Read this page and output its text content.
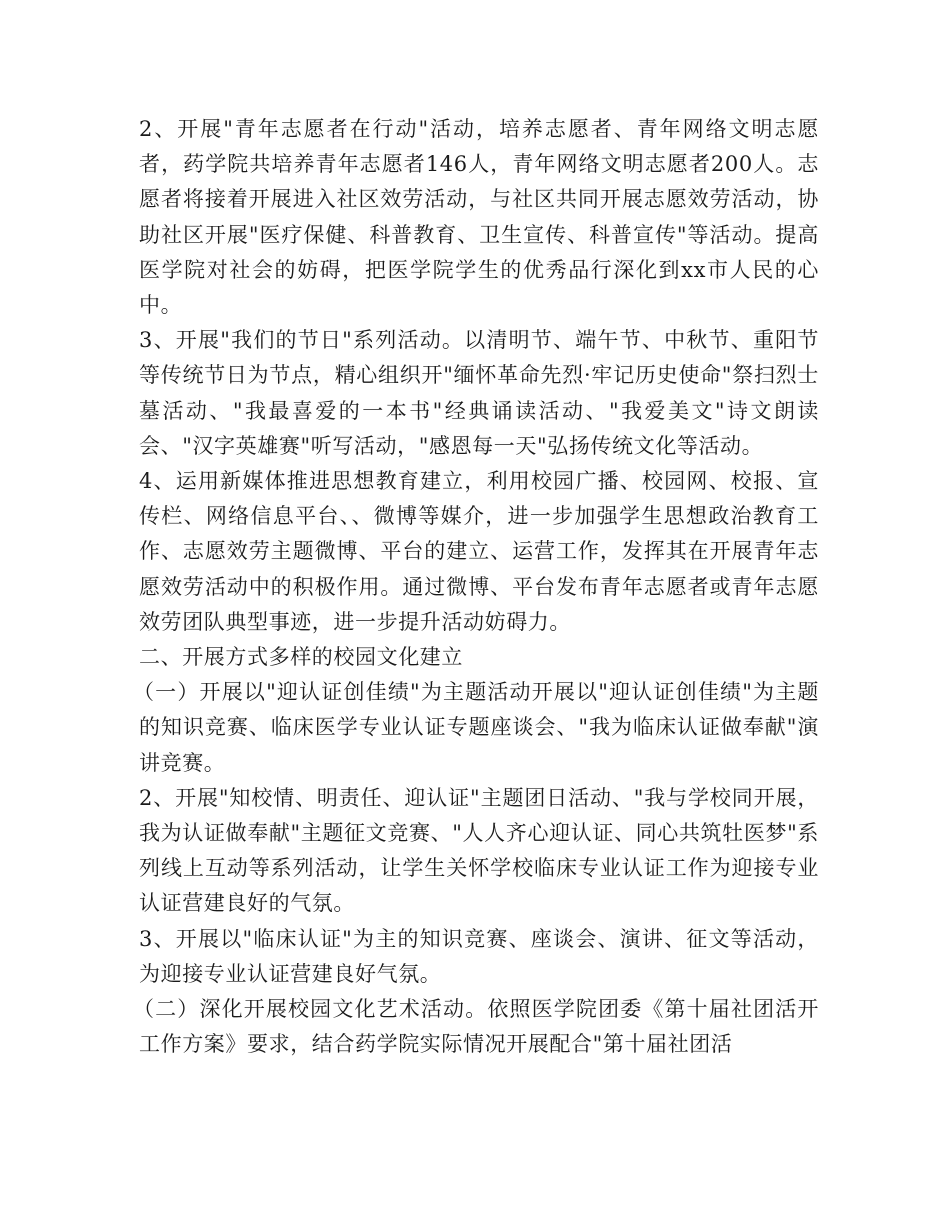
2、开展"青年志愿者在行动"活动，培养志愿者、青年网络文明志愿者，药学院共培养青年志愿者146人，青年网络文明志愿者200人。志愿者将接着开展进入社区效劳活动，与社区共同开展志愿效劳活动，协助社区开展"医疗保健、科普教育、卫生宣传、科普宣传"等活动。提高医学院对社会的妨碍，把医学院学生的优秀品行深化到xx市人民的心中。

3、开展"我们的节日"系列活动。以清明节、端午节、中秋节、重阳节等传统节日为节点，精心组织开"缅怀革命先烈·牢记历史使命"祭扫烈士墓活动、"我最喜爱的一本书"经典诵读活动、"我爱美文"诗文朗读会、"汉字英雄赛"听写活动，"感恩每一天"弘扬传统文化等活动。

4、运用新媒体推进思想教育建立，利用校园广播、校园网、校报、宣传栏、网络信息平台、、微博等媒介，进一步加强学生思想政治教育工作、志愿效劳主题微博、平台的建立、运营工作，发挥其在开展青年志愿效劳活动中的积极作用。通过微博、平台发布青年志愿者或青年志愿效劳团队典型事迹，进一步提升活动妨碍力。

二、开展方式多样的校园文化建立

（一）开展以"迎认证创佳绩"为主题活动开展以"迎认证创佳绩"为主题的知识竞赛、临床医学专业认证专题座谈会、"我为临床认证做奉献"演讲竞赛。

2、开展"知校情、明责任、迎认证"主题团日活动、"我与学校同开展，我为认证做奉献"主题征文竞赛、"人人齐心迎认证、同心共筑牡医梦"系列线上互动等系列活动，让学生关怀学校临床专业认证工作为迎接专业认证营建良好的气氛。

3、开展以"临床认证"为主的知识竞赛、座谈会、演讲、征文等活动，为迎接专业认证营建良好气氛。

（二）深化开展校园文化艺术活动。依照医学院团委《第十届社团活开工作方案》要求，结合药学院实际情况开展配合"第十届社团活
